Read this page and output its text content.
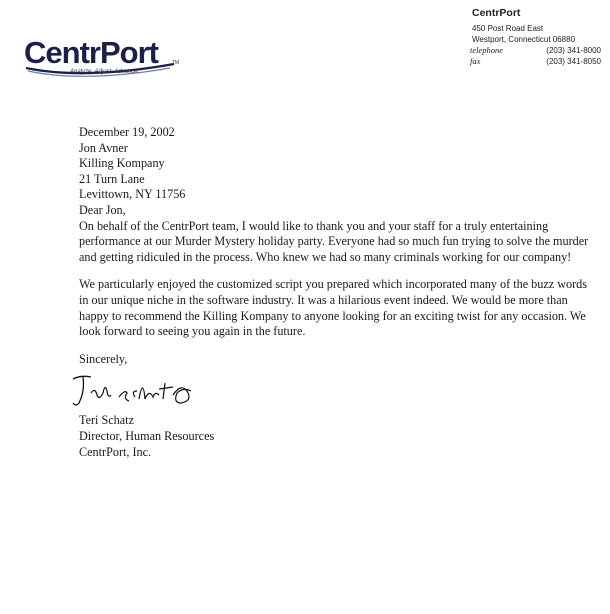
CentrPort	TM
Analyze. Adjust. Advance.
CentrPort
450 Post Road East
Westport, Connecticut 06880
telephone	(203) 341-8000
fax	(203) 341-8050

December 19, 2002

Jon Avner

Killing Kompany

21 Turn Lane

Levittown, NY 11756

Dear Jon,

On behalf of the CentrPort team, I would like to thank you and your staff for a truly entertaining performance at our Murder Mystery holiday party. Everyone had so much fun trying to solve the murder and getting ridiculed in the process. Who knew we had so many criminals working for our company!

We particularly enjoyed the customized script you prepared which incorporated many of the buzz words in our unique niche in the software industry. It was a hilarious event indeed. We would be more than happy to recommend the Killing Kompany to anyone looking for an exciting twist for any occasion. We look forward to seeing you again in the future.

Sincerely,

Teri Schatz

Director, Human Resources

CentrPort, Inc.
